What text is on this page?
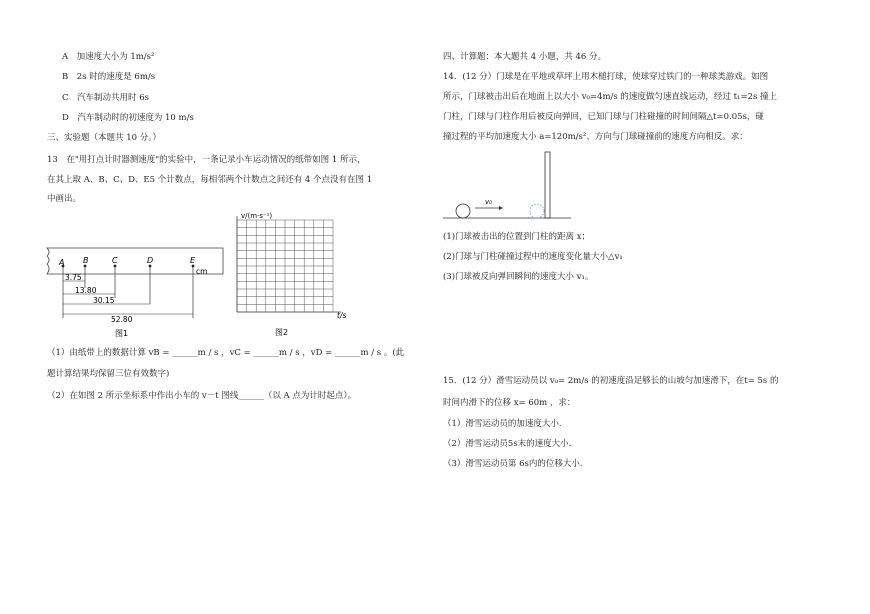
A　加速度大小为 1m/s²
B　2s 时的速度是 6m/s
C　汽车制动共用时 6s
D　汽车制动时的初速度为 10 m/s
三、实验题（本题共 10 分。）
13　在"用打点计时器测速度"的实验中，一条记录小车运动情况的纸带如图 1 所示，
在其上取 A、B、C、D、E5 个计数点，每相邻两个计数点之间还有 4 个点没有在图 1
中画出。
A B	C	D	E
cm
3.75
13.80
30.15
52.80
图1
v/(m·s⁻¹)
t/s
图2
（1）由纸带上的数据计算 vB = ______m / s ，vC = ______m / s ，vD = ______m / s 。(此
题计算结果均保留三位有效数字)
（2）在如图 2 所示坐标系中作出小车的 v－t 图线______（以 A 点为计时起点）。
四、计算题：本大题共 4 小题，共 46 分。
14．(12 分）门球是在平地或草坪上用木槌打球，使球穿过铁门的一种球类游戏。如图
所示，门球被击出后在地面上以大小 v₀=4m/s 的速度做匀速直线运动，经过 t₁=2s 撞上
门柱，门球与门柱作用后被反向弹回，已知门球与门柱碰撞的时间间隔△t=0.05s，碰
撞过程的平均加速度大小 a=120m/s²、方向与门球碰撞前的速度方向相反。求：
v₀
(1)门球被击出的位置到门柱的距离 x；
(2)门球与门柱碰撞过程中的速度变化量大小△v₁
(3)门球被反向弹回瞬间的速度大小 v₁。
15．(12 分）滑雪运动员以 v₀= 2m/s 的初速度沿足够长的山坡匀加速滑下，在t= 5s 的
时间内滑下的位移 x= 60m ，求：
（1）滑雪运动员的加速度大小.
（2）滑雪运动员5s末的速度大小.
（3）滑雪运动员第 6s内的位移大小.
